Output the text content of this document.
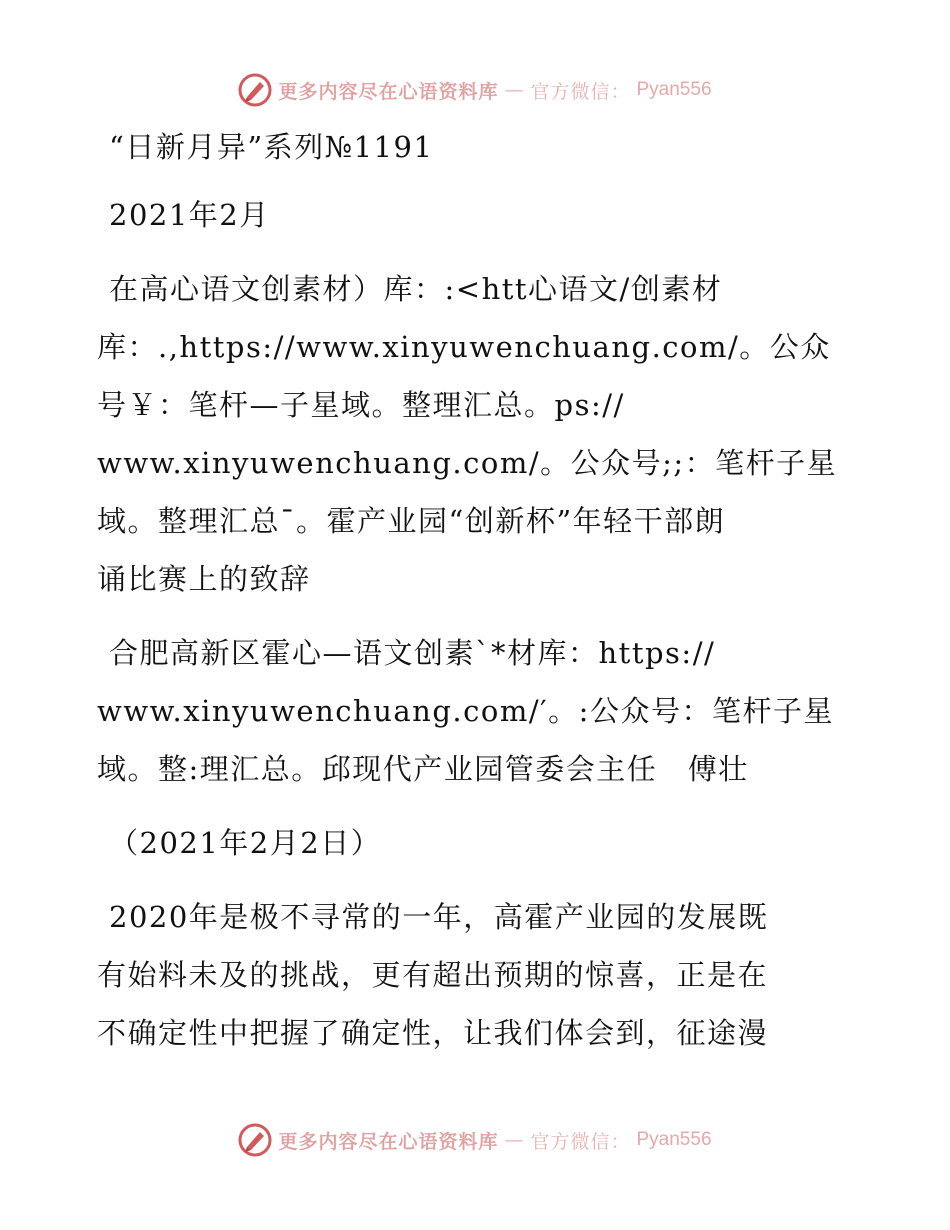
更多内容尽在心语资料库 — 官方微信： Pyan556
“日新月异”系列№1191
2021年2月
在高心语文创素材）库：:<htt心语文/创素材
库：.,https://www.xinyuwenchuang.com/。公众
号￥：笔杆—子星域。整理汇总。ps://
www.xinyuwenchuang.com/。公众号;;：笔杆子星
域。整理汇总¯。霍产业园“创新杯”年轻干部朗
诵比赛上的致辞
合肥高新区霍心—语文创素`*材库：https://
www.xinyuwenchuang.com/′。:公众号：笔杆子星
域。整:理汇总。邱现代产业园管委会主任　傅壮
（2021年2月2日）
2020年是极不寻常的一年，高霍产业园的发展既
有始料未及的挑战，更有超出预期的惊喜，正是在
不确定性中把握了确定性，让我们体会到，征途漫
更多内容尽在心语资料库 — 官方微信： Pyan556
